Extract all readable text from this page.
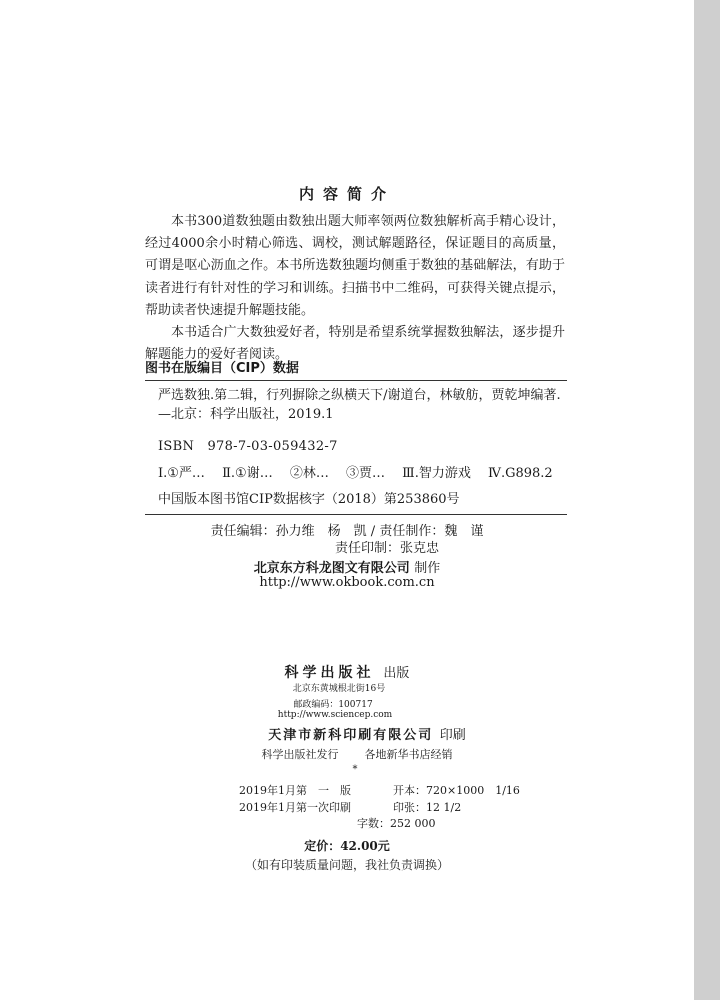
内容简介

本书300道数独题由数独出题大师率领两位数独解析高手精心设计，经过4000余小时精心筛选、调校，测试解题路径，保证题目的高质量，可谓是呕心沥血之作。本书所选数独题均侧重于数独的基础解法，有助于读者进行有针对性的学习和训练。扫描书中二维码，可获得关键点提示，帮助读者快速提升解题技能。

本书适合广大数独爱好者，特别是希望系统掌握数独解法，逐步提升解题能力的爱好者阅读。

图书在版编目（CIP）数据
严选数独.第二辑，行列摒除之纵横天下/谢道台，林敏舫，贾乾坤编著.—北京：科学出版社，2019.1
ISBN　978-7-03-059432-7
Ⅰ.①严… Ⅱ.①谢… ②林… ③贾… Ⅲ.智力游戏 Ⅳ.G898.2
中国版本图书馆CIP数据核字（2018）第253860号
责任编辑：孙力维　杨　凯 / 责任制作：魏　谨
责任印制：张克忠
北京东方科龙图文有限公司 制作
http://www.okbook.com.cn
科学出版社 出版
北京东黄城根北街16号
邮政编码：100717
http://www.sciencep.com
天津市新科印刷有限公司 印刷
科学出版社发行 各地新华书店经销
*
2019年1月第　一　版	开本：720×1000　1/16
2019年1月第一次印刷	印张：12 1/2
字数：252 000
定价：42.00元
（如有印装质量问题，我社负责调换）
